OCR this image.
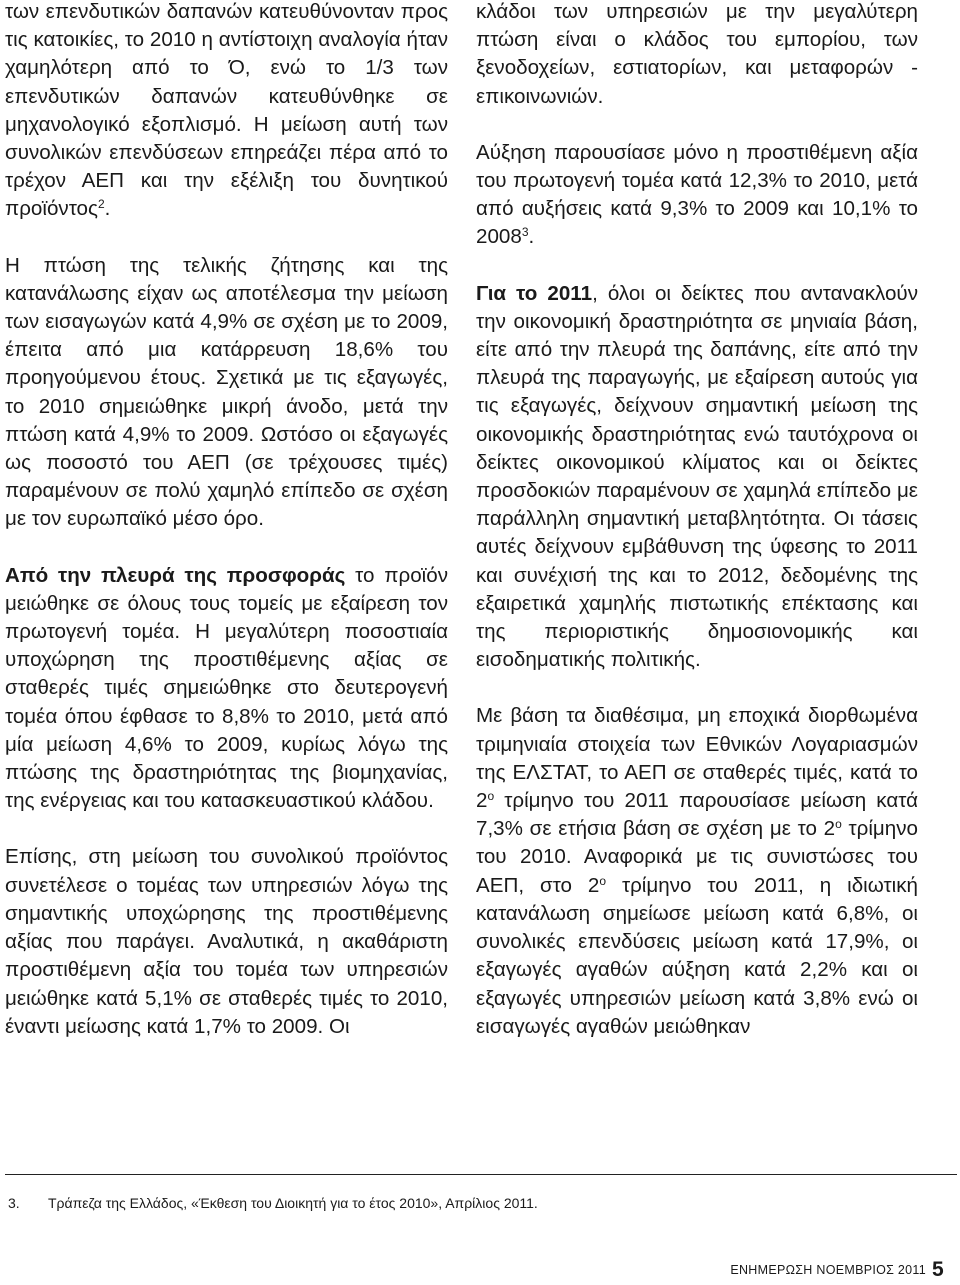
των επενδυτικών δαπανών κατευθύνονταν προς τις κατοικίες, το 2010 η αντίστοιχη αναλογία ήταν χαμηλότερη από το Ό, ενώ το 1/3 των επενδυτικών δαπανών κατευθύνθηκε σε μηχανολογικό εξοπλισμό. Η μείωση αυτή των συνολικών επενδύσεων επηρεάζει πέρα από το τρέχον ΑΕΠ και την εξέλιξη του δυνητικού προϊόντος$^2$.

Η πτώση της τελικής ζήτησης και της κατανάλωσης είχαν ως αποτέλεσμα την μείωση των εισαγωγών κατά 4,9% σε σχέση με το 2009, έπειτα από μια κατάρρευση 18,6% του προηγούμενου έτους. Σχετικά με τις εξαγωγές, το 2010 σημειώθηκε μικρή άνοδο, μετά την πτώση κατά 4,9% το 2009. Ωστόσο οι εξαγωγές ως ποσοστό του ΑΕΠ (σε τρέχουσες τιμές) παραμένουν σε πολύ χαμηλό επίπεδο σε σχέση με τον ευρωπαϊκό μέσο όρο.

Από την πλευρά της προσφοράς το προϊόν μειώθηκε σε όλους τους τομείς με εξαίρεση τον πρωτογενή τομέα. Η μεγαλύτερη ποσοστιαία υποχώρηση της προστιθέμενης αξίας σε σταθερές τιμές σημειώθηκε στο δευτερογενή τομέα όπου έφθασε το 8,8% το 2010, μετά από μία μείωση 4,6% το 2009, κυρίως λόγω της πτώσης της δραστηριότητας της βιομηχανίας, της ενέργειας και του κατασκευαστικού κλάδου.

Επίσης, στη μείωση του συνολικού προϊόντος συνετέλεσε ο τομέας των υπηρεσιών λόγω της σημαντικής υποχώρησης της προστιθέμενης αξίας που παράγει. Αναλυτικά, η ακαθάριστη προστιθέμενη αξία του τομέα των υπηρεσιών μειώθηκε κατά 5,1% σε σταθερές τιμές το 2010, έναντι μείωσης κατά 1,7% το 2009. Οι

κλάδοι των υπηρεσιών με την μεγαλύτερη πτώση είναι ο κλάδος του εμπορίου, των ξενοδοχείων, εστιατορίων, και μεταφορών - επικοινωνιών.

Αύξηση παρουσίασε μόνο η προστιθέμενη αξία του πρωτογενή τομέα κατά 12,3% το 2010, μετά από αυξήσεις κατά 9,3% το 2009 και 10,1% το 2008$^3$.

Για το 2011, όλοι οι δείκτες που αντανακλούν την οικονομική δραστηριότητα σε μηνιαία βάση, είτε από την πλευρά της δαπάνης, είτε από την πλευρά της παραγωγής, με εξαίρεση αυτούς για τις εξαγωγές, δείχνουν σημαντική μείωση της οικονομικής δραστηριότητας ενώ ταυτόχρονα οι δείκτες οικονομικού κλίματος και οι δείκτες προσδοκιών παραμένουν σε χαμηλά επίπεδο με παράλληλη σημαντική μεταβλητότητα. Οι τάσεις αυτές δείχνουν εμβάθυνση της ύφεσης το 2011 και συνέχισή της και το 2012, δεδομένης της εξαιρετικά χαμηλής πιστωτικής επέκτασης και της περιοριστικής δημοσιονομικής και εισοδηματικής πολιτικής.

Με βάση τα διαθέσιμα, μη εποχικά διορθωμένα τριμηνιαία στοιχεία των Εθνικών Λογαριασμών της ΕΛΣΤΑΤ, το ΑΕΠ σε σταθερές τιμές, κατά το $2^o$ τρίμηνο του 2011 παρουσίασε μείωση κατά 7,3% σε ετήσια βάση σε σχέση με το $2^o$ τρίμηνο του 2010. Αναφορικά με τις συνιστώσες του ΑΕΠ, στο $2^o$ τρίμηνο του 2011, η ιδιωτική κατανάλωση σημείωσε μείωση κατά 6,8%, οι συνολικές επενδύσεις μείωση κατά 17,9%, οι εξαγωγές αγαθών αύξηση κατά 2,2% και οι εξαγωγές υπηρεσιών μείωση κατά 3,8% ενώ οι εισαγωγές αγαθών μειώθηκαν

3. Τράπεζα της Ελλάδος, «Έκθεση του Διοικητή για το έτος 2010», Απρίλιος 2011.
ΕΝΗΜΕΡΩΣΗ ΝΟΕΜΒΡΙΟΣ 2011 5
